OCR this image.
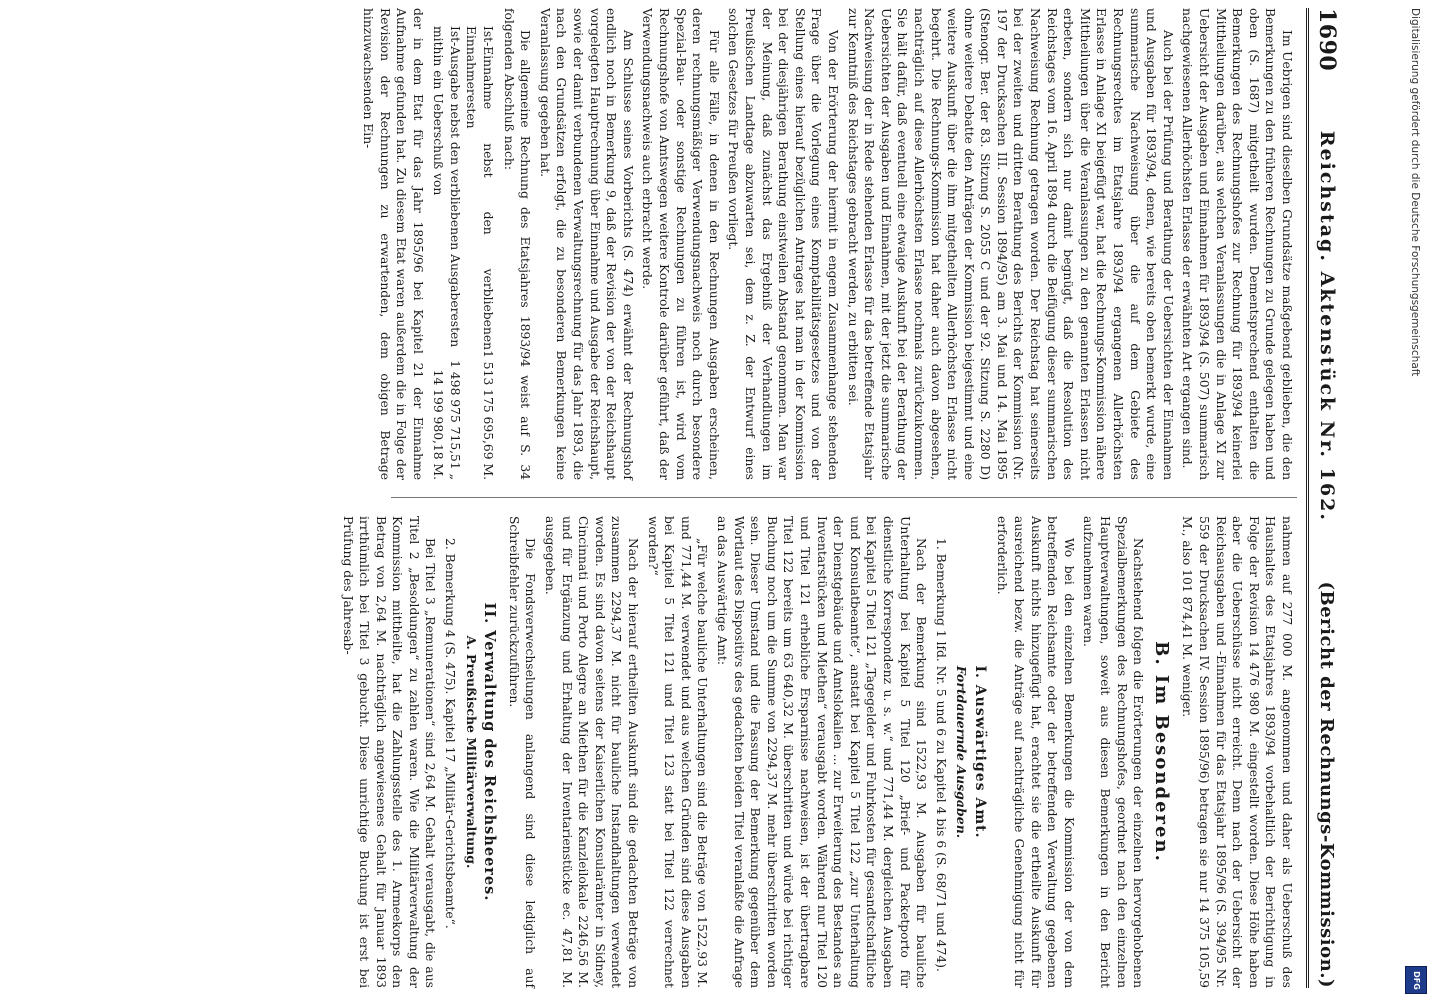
1690
Reichstag. Aktenstück Nr. 162.
(Bericht der Rechnungs-Kommission.)

Im Uebrigen sind dieselben Grundsätze maßgebend geblieben, die den Bemerkungen zu den früheren Rechnungen zu Grunde gelegen haben und oben (S. 1687) mitgetheilt wurden. Dementsprechend enthalten die Bemerkungen des Rechnungshofes zur Rechnung für 1893/94 keinerlei Mittheilungen darüber, aus welchen Veranlassungen die in Anlage XI zur Uebersicht der Ausgaben und Einnahmen für 1893/94 (S. 507) summarisch nachgewiesenen Allerhöchsten Erlasse der erwähnten Art ergangen sind.

Auch bei der Prüfung und Berathung der Uebersichten der Einnahmen und Ausgaben für 1893/94, denen, wie bereits oben bemerkt wurde, eine summarische Nachweisung über die auf dem Gebiete des Rechnungsrechtes im Etatsjahre 1893/94 ergangenen Allerhöchsten Erlasse in Anlage XI beigefügt war, hat die Rechnungs-Kommission nähere Mittheilungen über die Veranlassungen zu den genannten Erlassen nicht erbeten, sondern sich nur damit begnügt, daß die Resolution des Reichstages vom 16. April 1894 durch die Beifügung dieser summarischen Nachweisung Rechnung getragen worden. Der Reichstag hat seinerseits bei der zweiten und dritten Berathung des Berichts der Kommission (Nr. 197 der Drucksachen III. Session 1894/95) am 3. Mai und 14. Mai 1895 (Stenogr. Ber. der 83. Sitzung S. 2055 C und der 92. Sitzung S. 2280 D) ohne weitere Debatte den Anträgen der Kommission beigestimmt und eine weitere Auskunft über die ihm mitgetheilten Allerhöchsten Erlasse nicht begehrt. Die Rechnungs-Kommission hat daher auch davon abgesehen, nachträglich auf diese Allerhöchsten Erlasse nochmals zurückzukommen. Sie hält dafür, daß eventuell eine etwaige Auskunft bei der Berathung der Uebersichten der Ausgaben und Einnahmen, mit der jetzt die summarische Nachweisung der in Rede stehenden Erlasse für das betreffende Etatsjahr zur Kenntniß des Reichstages gebracht werden, zu erbitten sei.

Von der Erörterung der hiermit in engem Zusammenhange stehenden Frage über die Vorlegung eines Komptabilitätsgesetzes und von der Stellung eines hierauf bezüglichen Antrages hat man in der Kommission bei der diesjährigen Berathung einstweilen Abstand genommen. Man war der Meinung, daß zunächst das Ergebniß der Verhandlungen im Preußischen Landtage abzuwarten sei, dem z. Z. der Entwurf eines solchen Gesetzes für Preußen vorliegt.

Für alle Fälle, in denen in den Rechnungen Ausgaben erscheinen, deren rechnungsmäßiger Verwendungsnachweis noch durch besondere Spezial-Bau- oder sonstige Rechnungen zu führen ist, wird vom Rechnungshofe von Amtswegen weitere Kontrole darüber geführt, daß der Verwendungsnachweis auch erbracht werde.

Am Schlusse seines Vorberichts (S. 474) erwähnt der Rechnungshof endlich noch in Bemerkung 9, daß der Revision der von der Reichshaupt vorgelegten Hauptrechnung über Einnahme und Ausgabe der Reichshaupt, sowie der damit verbundenen Verwaltungsrechnung für das Jahr 1893, die nach den Grundsätzen erfolgt, die zu besonderen Bemerkungen keine Veranlassung gegeben hat.

Die allgemeine Rechnung des Etatsjahres 1893/94 weist auf S. 34 folgenden Abschluß nach:

Ist-Einnahme nebst den verbliebenen Einnahmeresten
1 513 175 695,69 M.
Ist-Ausgabe nebst den verbliebenen Ausgaberesten
1 498 975 715,51 „
mithin ein Ueberschuß von
14 199 980,18 M.

der in dem Etat für das Jahr 1895/96 bei Kapitel 21 der Einnahme Aufnahme gefunden hat. Zu diesem Etat waren außerdem die in Folge der Revision der Rechnungen zu erwartenden, dem obigen Betrage hinzuwachsenden Ein-

nahmen auf 277 000 M. angenommen und daher als Ueberschuß des Haushaltes des Etatsjahres 1893/94 vorbehaltlich der Berichtigung in Folge der Revision 14 476 980 M. eingestellt worden. Diese Höhe haben aber die Ueberschüsse nicht erreicht. Denn nach der Uebersicht der Reichsausgaben und -Einnahmen für das Etatsjahr 1895/96 (S. 394/95 Nr. 559 der Drucksachen IV. Session 1895/96) betragen sie nur 14 375 105,59 M., also 101 874,41 M. weniger.

B. Im Besonderen.

Nachstehend folgen die Erörterungen der einzelnen hervorgehobenen Spezialbemerkungen des Rechnungshofes, geordnet nach den einzelnen Hauptverwaltungen, soweit aus diesen Bemerkungen in den Bericht aufzunehmen waren.

Wo bei den einzelnen Bemerkungen die Kommission der von dem betreffenden Reichsamte oder der betreffenden Verwaltung gegebenen Auskunft nichts hinzugefügt hat, erachtet sie die ertheilte Auskunft für ausreichend bezw. die Anträge auf nachträgliche Genehmigung nicht für erforderlich.

I. Auswärtiges Amt.
Fortdauernde Ausgaben.

1. Bemerkung 1 lfd. Nr. 5 und 6 zu Kapitel 4 bis 6 (S. 68/71 und 474).

Nach der Bemerkung sind 1522,93 M. Ausgaben für bauliche Unterhaltung bei Kapitel 5 Titel 120 „Brief- und Packetporto für dienstliche Korrespondenz u. s. w.“ und 771,44 M. dergleichen Ausgaben bei Kapitel 5 Titel 121 „Tagegelder und Fuhrkosten für gesandtschaftliche und Konsulatbeamte“, anstatt bei Kapitel 5 Titel 122 „zur Unterhaltung der Dienstgebäude und Amtslokalien ... zur Erweiterung des Bestandes an Inventarstücken und Miethen“ verausgabt worden. Während nur Titel 120 und Titel 121 erhebliche Ersparnisse nachweisen, ist der übertragbare Titel 122 bereits um 63 640,32 M. überschritten und würde bei richtiger Buchung noch um die Summe von 2294,37 M. mehr überschritten worden sein. Dieser Umstand und die Fassung der Bemerkung gegenüber dem Wortlaut des Dispositivs des gedachten beiden Titel veranlaßte die Anfrage an das Auswärtige Amt:

„Für welche bauliche Unterhaltungen sind die Beträge von 1522,93 M. und 771,44 M. verwendet und aus welchen Gründen sind diese Ausgaben bei Kapitel 5 Titel 121 und Titel 123 statt bei Titel 122 verrechnet worden?“

Nach der hierauf ertheilten Auskunft sind die gedachten Beträge von zusammen 2294,37 M. nicht für bauliche Instandhaltungen verwendet worden. Es sind davon seitens der Kaiserlichen Konsularämter in Sidney, Cincinnati und Porto Alegre an Miethen für die Kanzleilokale 2246,56 M. und für Ergänzung und Erhaltung der Inventarienstücke ec. 47,81 M. ausgegeben.

Die Fondsverwechselungen anlangend sind diese lediglich auf Schreibfehler zurückzuführen.

II. Verwaltung des Reichsheeres.
A. Preußische Militärverwaltung.

2. Bemerkung 4 (S. 475). Kapitel 17 „Militär-Gerichtsbeamte“.

Bei Titel 3 „Remunerationen“ sind 2,64 M. Gehalt verausgabt, die aus Titel 2 „Besoldungen“ zu zahlen waren. Wie die Militärverwaltung der Kommission mittheilte, hat die Zahlungsstelle des 1. Armeekorps den Betrag von 2,64 M. nachträglich angewiesenes Gehalt für Januar 1893 irrthümlich bei Titel 3 gebucht. Diese unrichtige Buchung ist erst bei Prüfung des Jahresab-

Digitalisierung gefördert durch die Deutsche Forschungsgemeinschaft
DFG
